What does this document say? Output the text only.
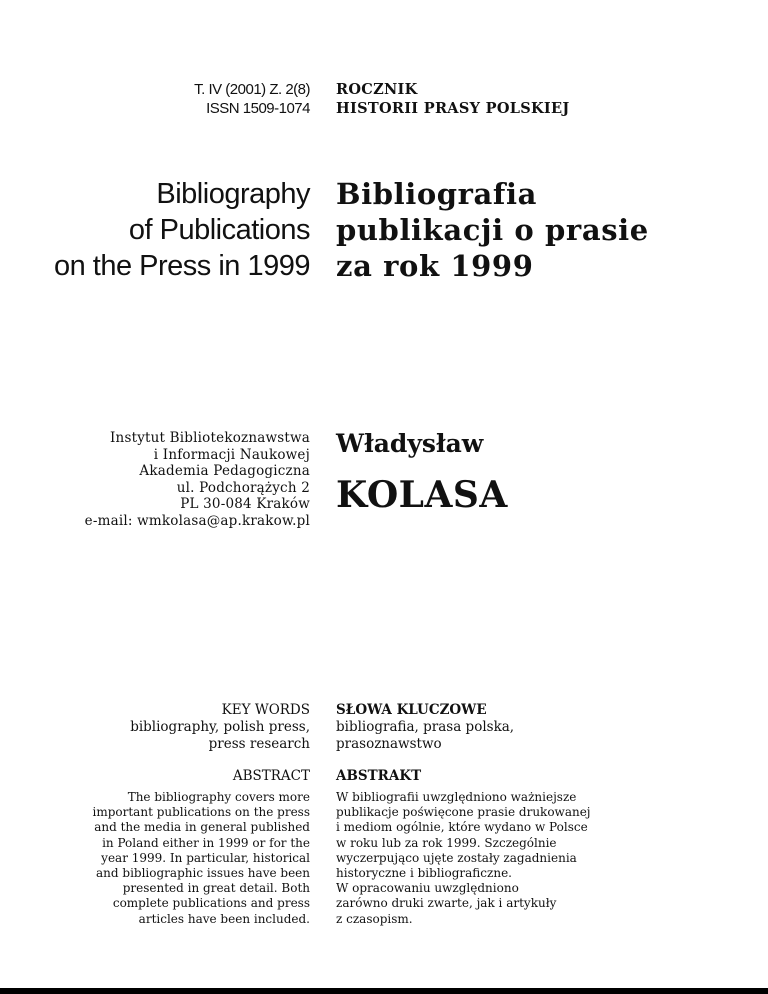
T. IV (2001) Z. 2(8)
ISSN 1509-1074
ROCZNIK
HISTORII PRASY POLSKIEJ
Bibliography
of Publications
on the Press in 1999
Bibliografia
publikacji o prasie
za rok 1999
Instytut Bibliotekoznawstwa
i Informacji Naukowej
Akademia Pedagogiczna
ul. Podchorążych 2
PL 30-084 Kraków
e-mail: wmkolasa@ap.krakow.pl
Władysław
KOLASA
KEY WORDS
bibliography, polish press,
press research
SŁOWA KLUCZOWE
bibliografia, prasa polska,
prasoznawstwo
ABSTRACT
The bibliography covers more
important publications on the press
and the media in general published
in Poland either in 1999 or for the
year 1999. In particular, historical
and bibliographic issues have been
presented in great detail. Both
complete publications and press
articles have been included.
ABSTRAKT
W bibliografii uwzględniono ważniejsze
publikacje poświęcone prasie drukowanej
i mediom ogólnie, które wydano w Polsce
w roku lub za rok 1999. Szczególnie
wyczerpująco ujęte zostały zagadnienia
historyczne i bibliograficzne.
W opracowaniu uwzględniono
zarówno druki zwarte, jak i artykuły
z czasopism.
